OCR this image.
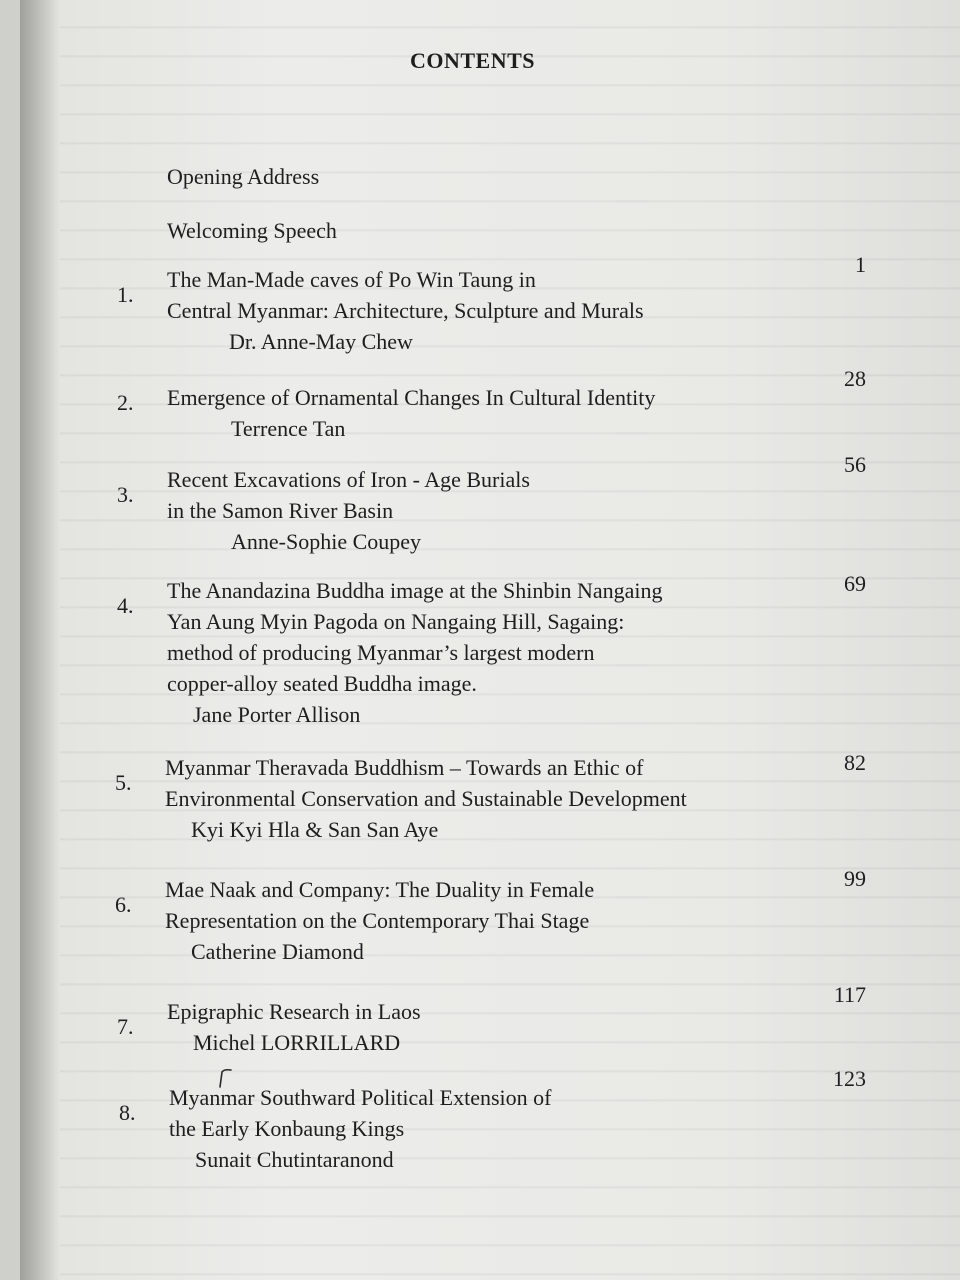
CONTENTS
Opening Address
Welcoming Speech
1
1.
The Man-Made caves of Po Win Taung in
Central Myanmar: Architecture, Sculpture and Murals
Dr. Anne-May Chew
28
2. Emergence of Ornamental Changes In Cultural Identity
Terrence Tan
56
3.
Recent Excavations of Iron - Age Burials
in the Samon River Basin
Anne-Sophie Coupey
69
4.
The Anandazina Buddha image at the Shinbin Nangaing
Yan Aung Myin Pagoda on Nangaing Hill, Sagaing:
method of producing Myanmar’s largest modern
copper-alloy seated Buddha image.
Jane Porter Allison
82
5.
Myanmar Theravada Buddhism – Towards an Ethic of
Environmental Conservation and Sustainable Development
Kyi Kyi Hla & San San Aye
99
6.
Mae Naak and Company: The Duality in Female
Representation on the Contemporary Thai Stage
Catherine Diamond
117
7.
Epigraphic Research in Laos
Michel LORRILLARD
123
8.
Myanmar Southward Political Extension of
the Early Konbaung Kings
Sunait Chutintaranond
